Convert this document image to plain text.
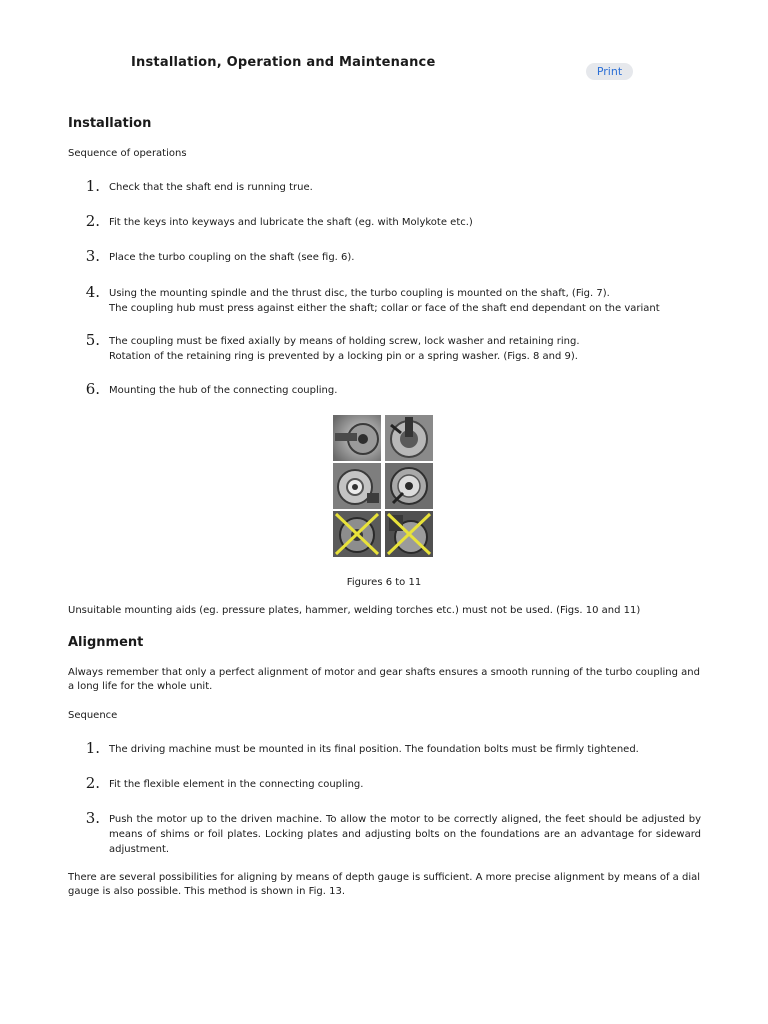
Installation, Operation and Maintenance
Print
Installation
Sequence of operations
1. Check that the shaft end is running true.
2. Fit the keys into keyways and lubricate the shaft (eg. with Molykote etc.)
3. Place the turbo coupling on the shaft (see fig. 6).
4. Using the mounting spindle and the thrust disc, the turbo coupling is mounted on the shaft, (Fig. 7).
The coupling hub must press against either the shaft; collar or face of the shaft end dependant on the variant
5. The coupling must be fixed axially by means of holding screw, lock washer and retaining ring.
Rotation of the retaining ring is prevented by a locking pin or a spring washer. (Figs. 8 and 9).
6. Mounting the hub of the connecting coupling.
Figures 6 to 11
Unsuitable mounting aids (eg. pressure plates, hammer, welding torches etc.) must not be used. (Figs. 10 and 11)
Alignment
Always remember that only a perfect alignment of motor and gear shafts ensures a smooth running of the turbo coupling and a long life for the whole unit.
Sequence
1. The driving machine must be mounted in its final position. The foundation bolts must be firmly tightened.
2. Fit the flexible element in the connecting coupling.
3. Push the motor up to the driven machine. To allow the motor to be correctly aligned, the feet should be adjusted by means of shims or foil plates. Locking plates and adjusting bolts on the foundations are an advantage for sideward adjustment.
There are several possibilities for aligning by means of depth gauge is sufficient. A more precise alignment by means of a dial gauge is also possible. This method is shown in Fig. 13.
